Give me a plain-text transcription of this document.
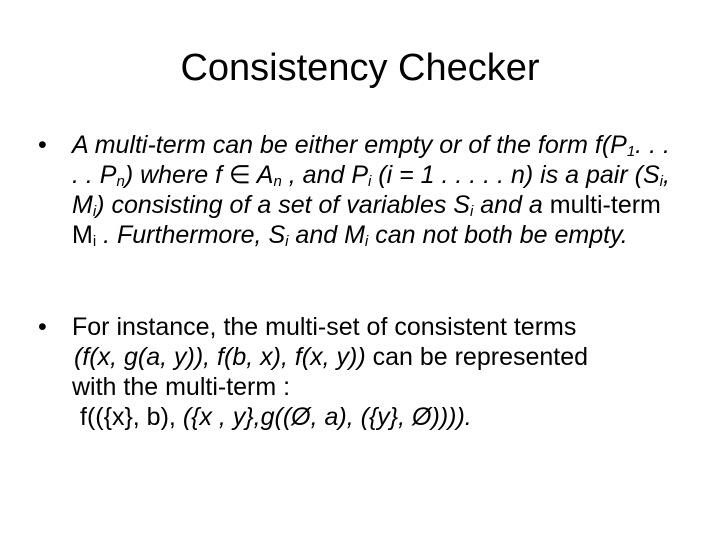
Consistency Checker
•	A multi-term can be either empty or of the form $f(P_1$. . . . . $P_n$) where f ∈ $A_n$ , and $P_i$ (i = 1 . . . . . n) is a pair ($S_i$, $M_i$) consisting of a set of variables $S_i$ and a multi-term $M_i$ . Furthermore, $S_i$ and $M_i$ can not both be empty.
•	For instance, the multi-set of consistent terms
(f(x, g(a, y)), f(b, x), f(x, y)) can be represented
with the multi-term :
f(({x}, b), ({x , y},g((Ø, a), ({y}, Ø)))).
